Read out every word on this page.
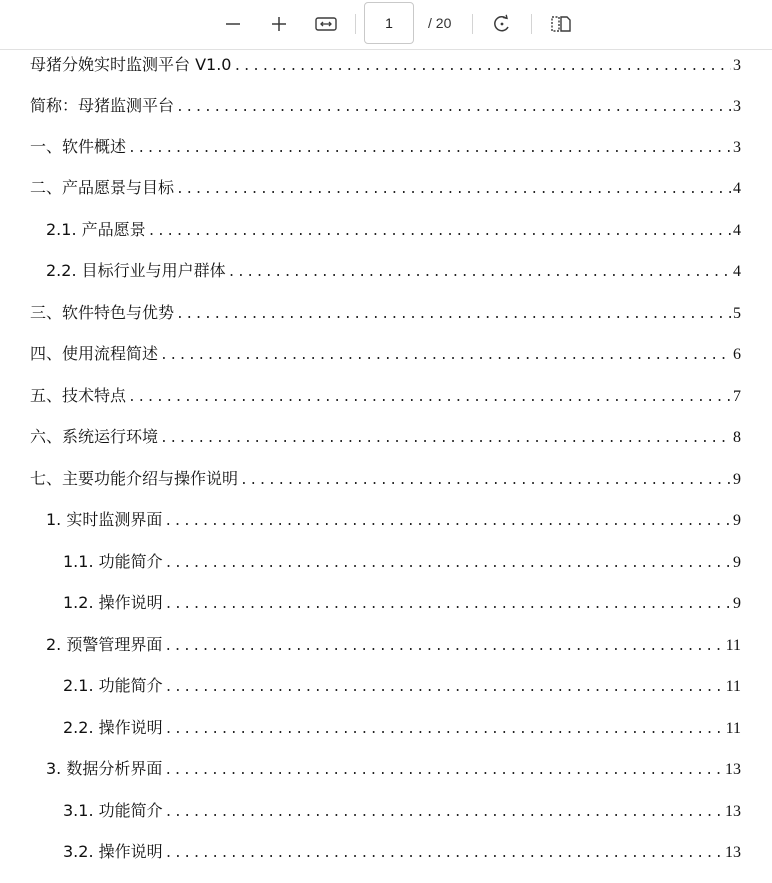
1
/ 20
母猪分娩实时监测平台 V1.0 .....	3
简称：母猪监测平台 .....	3
一、软件概述 .....	3
二、产品愿景与目标 .....	4
2.1. 产品愿景 .....	4
2.2. 目标行业与用户群体 .....	4
三、软件特色与优势 .....	5
四、使用流程简述 .....	6
五、技术特点 .....	7
六、系统运行环境 .....	8
七、主要功能介绍与操作说明 .....	9
1. 实时监测界面 .....	9
1.1. 功能简介 .....	9
1.2. 操作说明 .....	9
2. 预警管理界面 .....	11
2.1. 功能简介 .....	11
2.2. 操作说明 .....	11
3. 数据分析界面 .....	13
3.1. 功能简介 .....	13
3.2. 操作说明 .....	13
